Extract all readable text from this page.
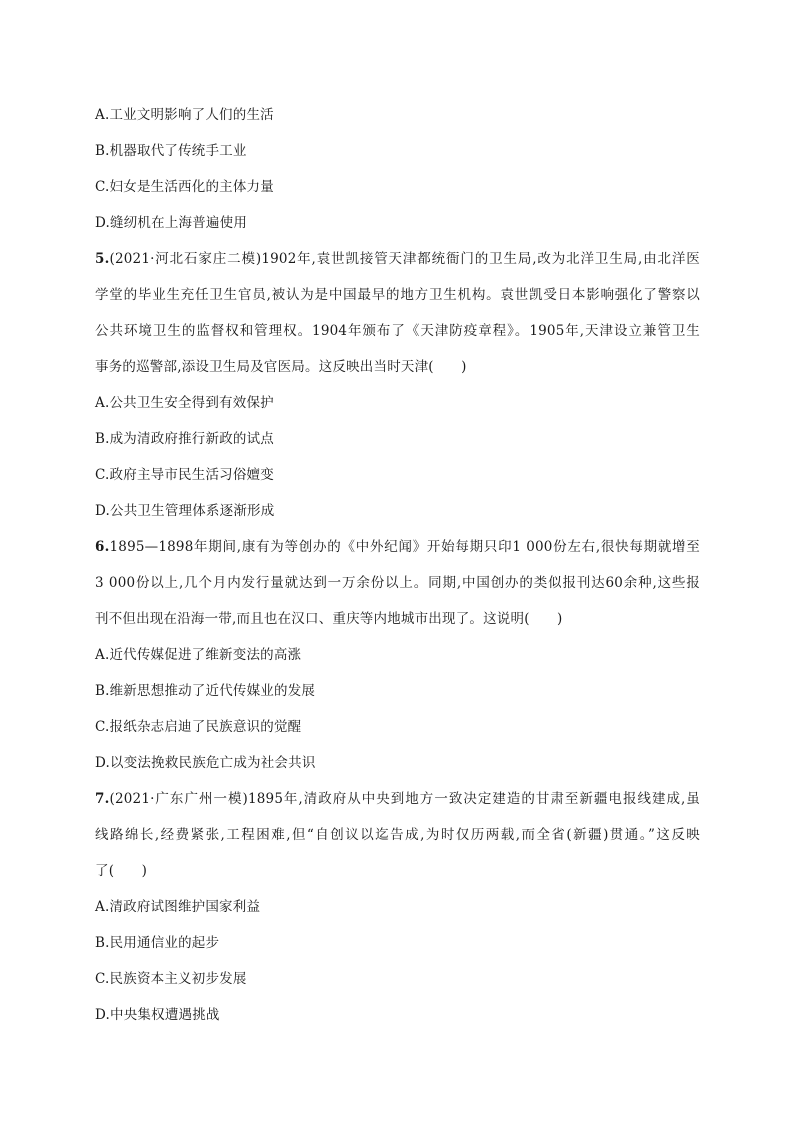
A.工业文明影响了人们的生活
B.机器取代了传统手工业
C.妇女是生活西化的主体力量
D.缝纫机在上海普遍使用
5.(2021·河北石家庄二模)1902年,袁世凯接管天津都统衙门的卫生局,改为北洋卫生局,由北洋医
学堂的毕业生充任卫生官员,被认为是中国最早的地方卫生机构。袁世凯受日本影响强化了警察以
公共环境卫生的监督权和管理权。1904年颁布了《天津防疫章程》。1905年,天津设立兼管卫生
事务的巡警部,添设卫生局及官医局。这反映出当时天津(　　)
A.公共卫生安全得到有效保护
B.成为清政府推行新政的试点
C.政府主导市民生活习俗嬗变
D.公共卫生管理体系逐渐形成
6.1895—1898年期间,康有为等创办的《中外纪闻》开始每期只印1 000份左右,很快每期就增至
3 000份以上,几个月内发行量就达到一万余份以上。同期,中国创办的类似报刊达60余种,这些报
刊不但出现在沿海一带,而且也在汉口、重庆等内地城市出现了。这说明(　　)
A.近代传媒促进了维新变法的高涨
B.维新思想推动了近代传媒业的发展
C.报纸杂志启迪了民族意识的觉醒
D.以变法挽救民族危亡成为社会共识
7.(2021·广东广州一模)1895年,清政府从中央到地方一致决定建造的甘肃至新疆电报线建成,虽
线路绵长,经费紧张,工程困难,但“自创议以迄告成,为时仅历两载,而全省(新疆)贯通。”这反映
了(　　)
A.清政府试图维护国家利益
B.民用通信业的起步
C.民族资本主义初步发展
D.中央集权遭遇挑战
